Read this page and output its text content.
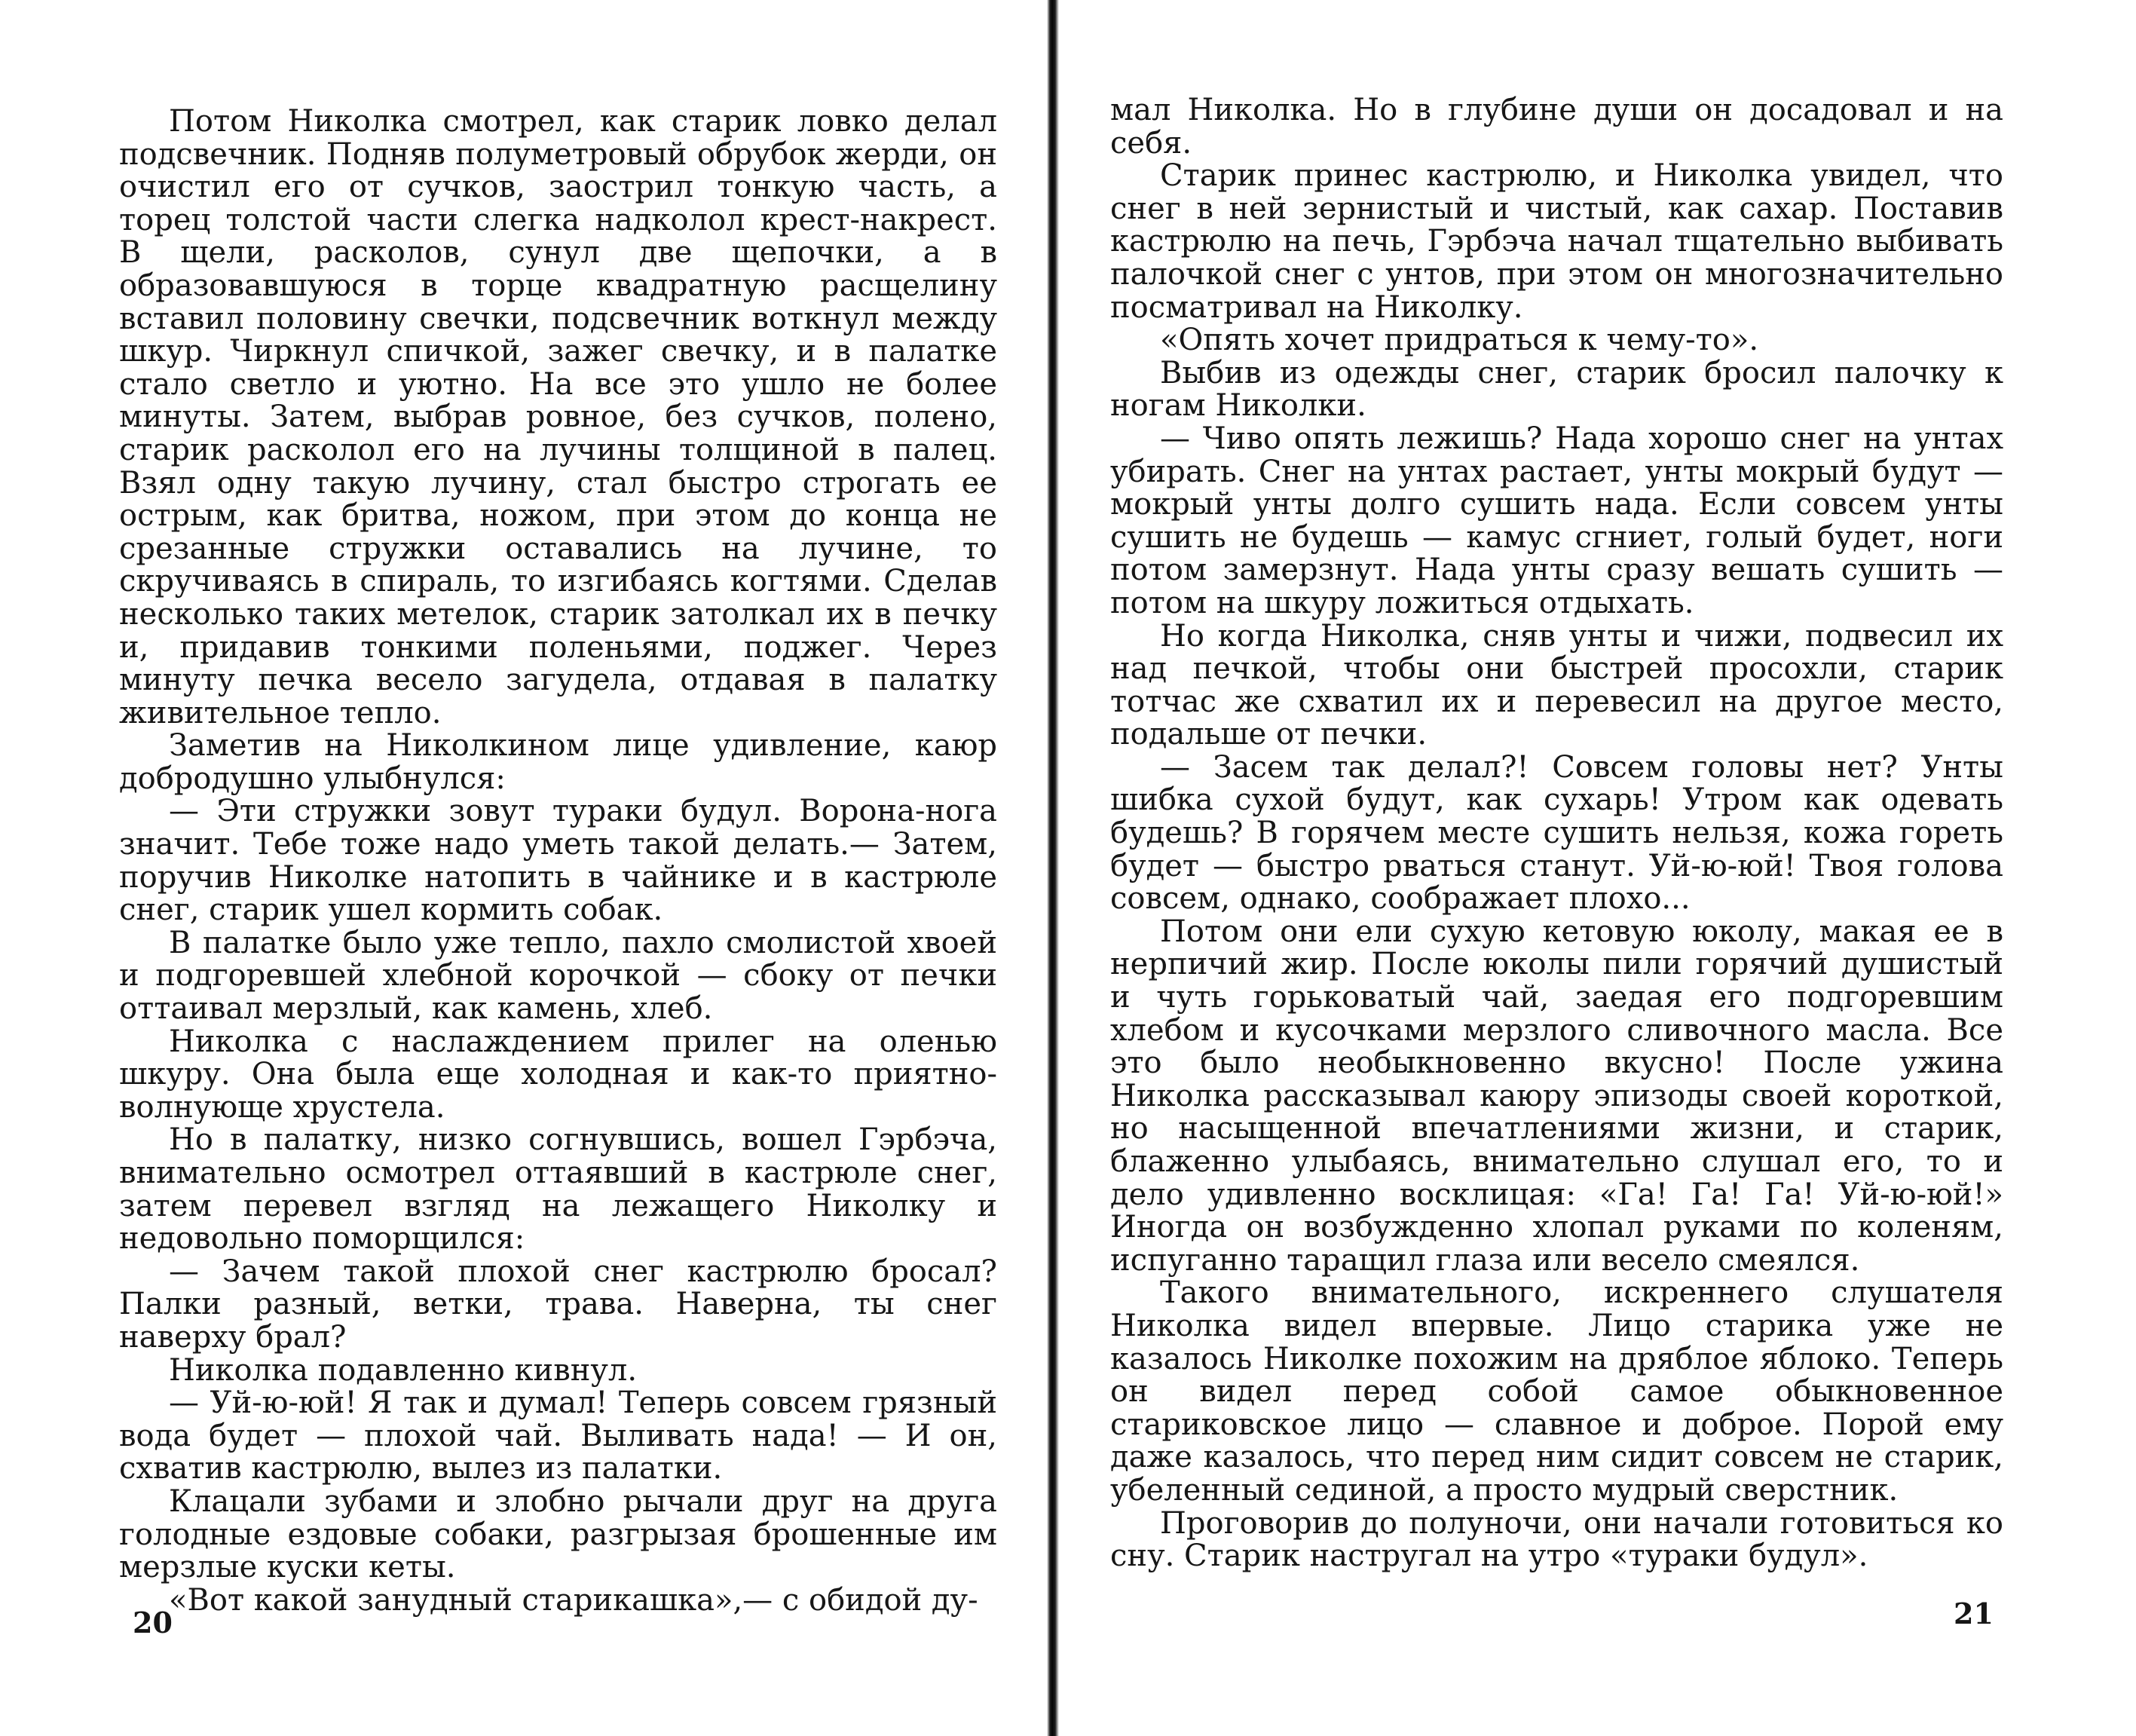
Потом Николка смотрел, как старик ловко делал подсвечник. Подняв полуметровый обрубок жерди, он очистил его от сучков, заострил тонкую часть, а торец толстой части слегка надколол крест-накрест. В щели, расколов, сунул две щепочки, а в образовавшуюся в торце квадратную расщелину вставил половину свечки, подсвечник воткнул между шкур. Чиркнул спичкой, зажег свечку, и в палатке стало светло и уютно. На все это ушло не более минуты. Затем, выбрав ровное, без сучков, полено, старик расколол его на лучины толщиной в палец. Взял одну такую лучину, стал быстро строгать ее острым, как бритва, ножом, при этом до конца не срезанные стружки оставались на лучине, то скручиваясь в спираль, то изгибаясь когтями. Сделав несколько таких метелок, старик затолкал их в печку и, придавив тонкими поленьями, поджег. Через минуту печка весело загудела, отдавая в палатку живительное тепло.

Заметив на Николкином лице удивление, каюр добродушно улыбнулся:

— Эти стружки зовут тураки будул. Ворона-нога значит. Тебе тоже надо уметь такой делать.— Затем, поручив Николке натопить в чайнике и в кастрюле снег, старик ушел кормить собак.

В палатке было уже тепло, пахло смолистой хвоей и подгоревшей хлебной корочкой — сбоку от печки оттаивал мерзлый, как камень, хлеб.

Николка с наслаждением прилег на оленью шкуру. Она была еще холодная и как-то приятно-волнующе хрустела.

Но в палатку, низко согнувшись, вошел Гэрбэча, внимательно осмотрел оттаявший в кастрюле снег, затем перевел взгляд на лежащего Николку и недовольно поморщился:

— Зачем такой плохой снег кастрюлю бросал? Палки разный, ветки, трава. Наверна, ты снег наверху брал?

Николка подавленно кивнул.

— Уй-ю-юй! Я так и думал! Теперь совсем грязный вода будет — плохой чай. Выливать нада! — И он, схватив кастрюлю, вылез из палатки.

Клацали зубами и злобно рычали друг на друга голодные ездовые собаки, разгрызая брошенные им мерзлые куски кеты.

«Вот какой занудный старикашка»,— с обидой ду-

20

мал Николка. Но в глубине души он досадовал и на себя.

Старик принес кастрюлю, и Николка увидел, что снег в ней зернистый и чистый, как сахар. Поставив кастрюлю на печь, Гэрбэча начал тщательно выбивать палочкой снег с унтов, при этом он многозначительно посматривал на Николку.

«Опять хочет придраться к чему-то».

Выбив из одежды снег, старик бросил палочку к ногам Николки.

— Чиво опять лежишь? Нада хорошо снег на унтах убирать. Снег на унтах растает, унты мокрый будут — мокрый унты долго сушить нада. Если совсем унты сушить не будешь — камус сгниет, голый будет, ноги потом замерзнут. Нада унты сразу вешать сушить — потом на шкуру ложиться отдыхать.

Но когда Николка, сняв унты и чижи, подвесил их над печкой, чтобы они быстрей просохли, старик тотчас же схватил их и перевесил на другое место, подальше от печки.

— Засем так делал?! Совсем головы нет? Унты шибка сухой будут, как сухарь! Утром как одевать будешь? В горячем месте сушить нельзя, кожа гореть будет — быстро рваться станут. Уй-ю-юй! Твоя голова совсем, однако, соображает плохо...

Потом они ели сухую кетовую юколу, макая ее в нерпичий жир. После юколы пили горячий душистый и чуть горьковатый чай, заедая его подгоревшим хлебом и кусочками мерзлого сливочного масла. Все это было необыкновенно вкусно! После ужина Николка рассказывал каюру эпизоды своей короткой, но насыщенной впечатлениями жизни, и старик, блаженно улыбаясь, внимательно слушал его, то и дело удивленно восклицая: «Га! Га! Га! Уй-ю-юй!» Иногда он возбужденно хлопал руками по коленям, испуганно таращил глаза или весело смеялся.

Такого внимательного, искреннего слушателя Николка видел впервые. Лицо старика уже не казалось Николке похожим на дряблое яблоко. Теперь он видел перед собой самое обыкновенное стариковское лицо — славное и доброе. Порой ему даже казалось, что перед ним сидит совсем не старик, убеленный сединой, а просто мудрый сверстник.

Проговорив до полуночи, они начали готовиться ко сну. Старик настругал на утро «тураки будул».

21
